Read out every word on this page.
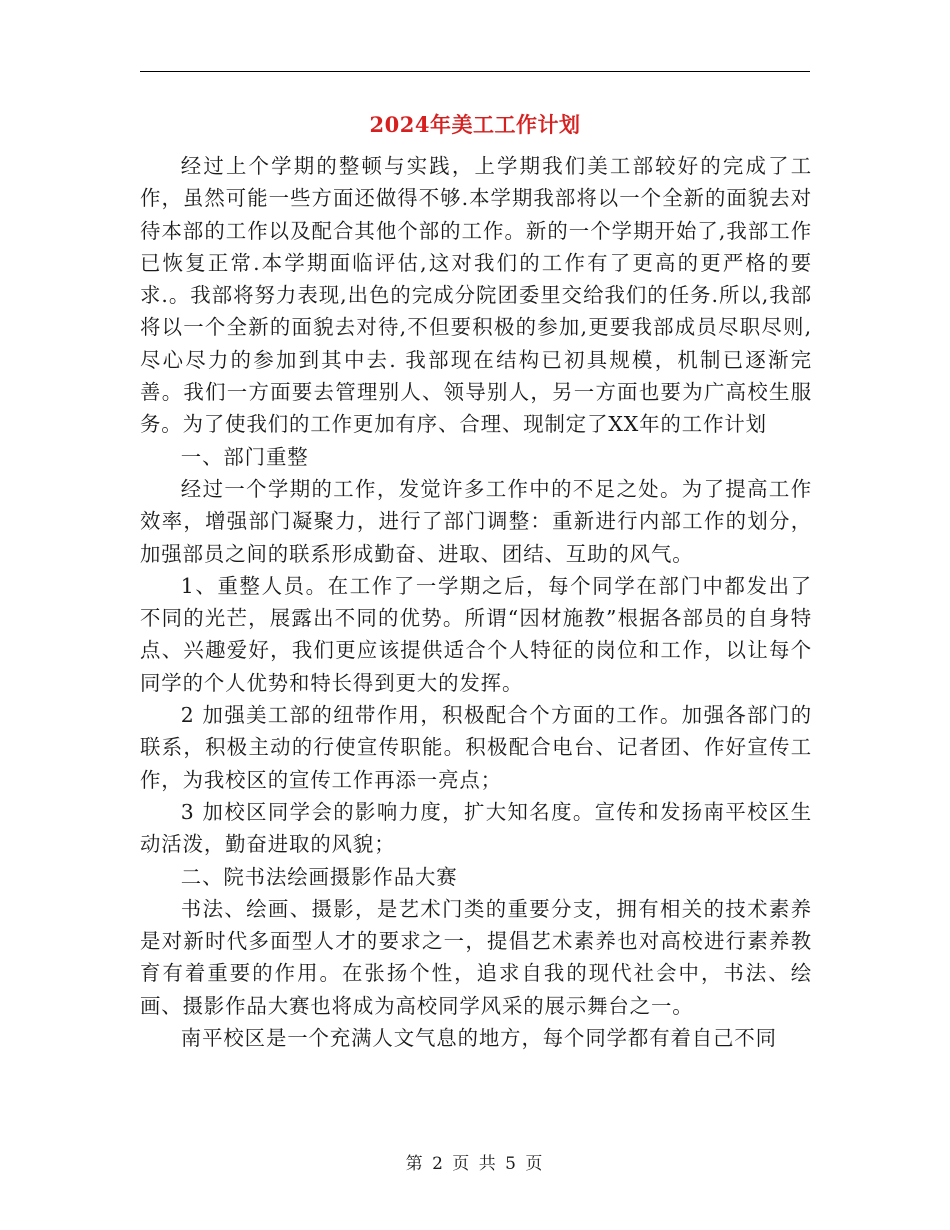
2024年美工工作计划

经过上个学期的整顿与实践，上学期我们美工部较好的完成了工作，虽然可能一些方面还做得不够.本学期我部将以一个全新的面貌去对待本部的工作以及配合其他个部的工作。新的一个学期开始了,我部工作已恢复正常.本学期面临评估,这对我们的工作有了更高的更严格的要求.。我部将努力表现,出色的完成分院团委里交给我们的任务.所以,我部将以一个全新的面貌去对待,不但要积极的参加,更要我部成员尽职尽则,尽心尽力的参加到其中去. 我部现在结构已初具规模，机制已逐渐完善。我们一方面要去管理别人、领导别人，另一方面也要为广高校生服务。为了使我们的工作更加有序、合理、现制定了XX年的工作计划

一、部门重整

经过一个学期的工作，发觉许多工作中的不足之处。为了提高工作效率，增强部门凝聚力，进行了部门调整：重新进行内部工作的划分，加强部员之间的联系形成勤奋、进取、团结、互助的风气。

1、重整人员。在工作了一学期之后，每个同学在部门中都发出了不同的光芒，展露出不同的优势。所谓“因材施教”根据各部员的自身特点、兴趣爱好，我们更应该提供适合个人特征的岗位和工作，以让每个同学的个人优势和特长得到更大的发挥。

2 加强美工部的纽带作用，积极配合个方面的工作。加强各部门的联系，积极主动的行使宣传职能。积极配合电台、记者团、作好宣传工作，为我校区的宣传工作再添一亮点；

3 加校区同学会的影响力度，扩大知名度。宣传和发扬南平校区生动活泼，勤奋进取的风貌；

二、院书法绘画摄影作品大赛

书法、绘画、摄影，是艺术门类的重要分支，拥有相关的技术素养是对新时代多面型人才的要求之一，提倡艺术素养也对高校进行素养教育有着重要的作用。在张扬个性，追求自我的现代社会中，书法、绘画、摄影作品大赛也将成为高校同学风采的展示舞台之一。

南平校区是一个充满人文气息的地方，每个同学都有着自己不同

第 2 页 共 5 页
